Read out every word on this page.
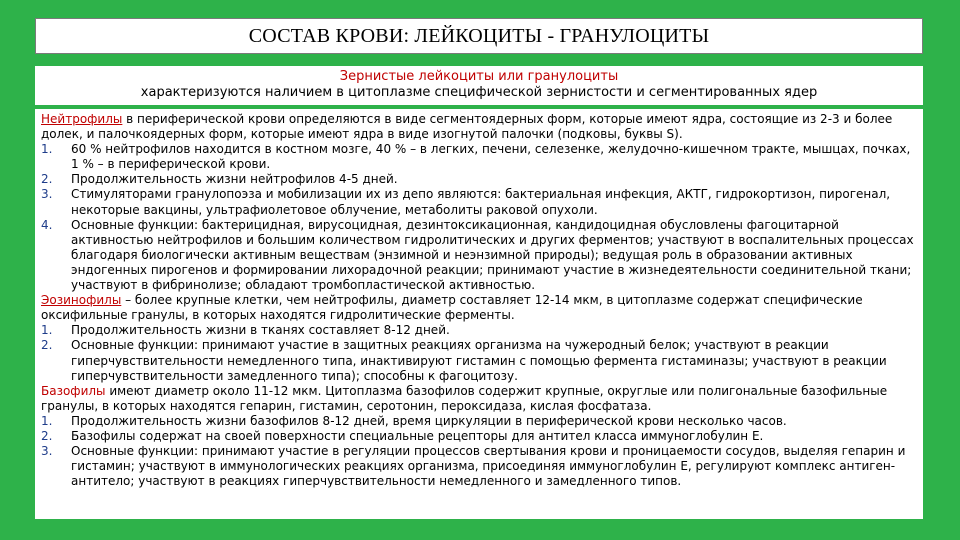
СОСТАВ КРОВИ: ЛЕЙКОЦИТЫ - ГРАНУЛОЦИТЫ
Зернистые лейкоциты или гранулоциты
характеризуются наличием в цитоплазме специфической зернистости и сегментированных ядер

Нейтрофилы в периферической крови определяются в виде сегментоядерных форм, которые имеют ядра, состоящие из 2-3 и более долек, и палочкоядерных форм, которые имеют ядра в виде изогнутой палочки (подковы, буквы S).

1.	60 % нейтрофилов находится в костном мозге, 40 % – в легких, печени, селезенке, желудочно-кишечном тракте, мышцах, почках, 1 % – в периферической крови.
2.	Продолжительность жизни нейтрофилов 4-5 дней.
3.	Стимуляторами гранулопоэза и мобилизации их из депо являются: бактериальная инфекция, АКТГ, гидрокортизон, пирогенал, некоторые вакцины, ультрафиолетовое облучение, метаболиты раковой опухоли.
4.	Основные функции: бактерицидная, вирусоцидная, дезинтоксикационная, кандидоцидная обусловлены фагоцитарной активностью нейтрофилов и большим количеством гидролитических и других ферментов; участвуют в воспалительных процессах благодаря биологически активным веществам (энзимной и неэнзимной природы); ведущая роль в образовании активных эндогенных пирогенов и формировании лихорадочной реакции; принимают участие в жизнедеятельности соединительной ткани; участвуют в фибринолизе; обладают тромбопластической активностью.

Эозинофилы – более крупные клетки, чем нейтрофилы, диаметр составляет 12-14 мкм, в цитоплазме содержат специфические оксифильные гранулы, в которых находятся гидролитические ферменты.

1.	Продолжительность жизни в тканях составляет 8-12 дней.
2.	Основные функции: принимают участие в защитных реакциях организма на чужеродный белок; участвуют в реакции гиперчувствительности немедленного типа, инактивируют гистамин с помощью фермента гистаминазы; участвуют в реакции гиперчувствительности замедленного типа); способны к фагоцитозу.

Базофилы имеют диаметр около 11-12 мкм. Цитоплазма базофилов содержит крупные, округлые или полигональные базофильные гранулы, в которых находятся гепарин, гистамин, серотонин, пероксидаза, кислая фосфатаза.

1.	Продолжительность жизни базофилов 8-12 дней, время циркуляции в периферической крови несколько часов.
2.	Базофилы содержат на своей поверхности специальные рецепторы для антител класса иммуноглобулин Е.
3.	Основные функции: принимают участие в регуляции процессов свертывания крови и проницаемости сосудов, выделяя гепарин и гистамин; участвуют в иммунологических реакциях организма, присоединяя иммуноглобулин Е, регулируют комплекс антиген-антитело; участвуют в реакциях гиперчувствительности немедленного и замедленного типов.
